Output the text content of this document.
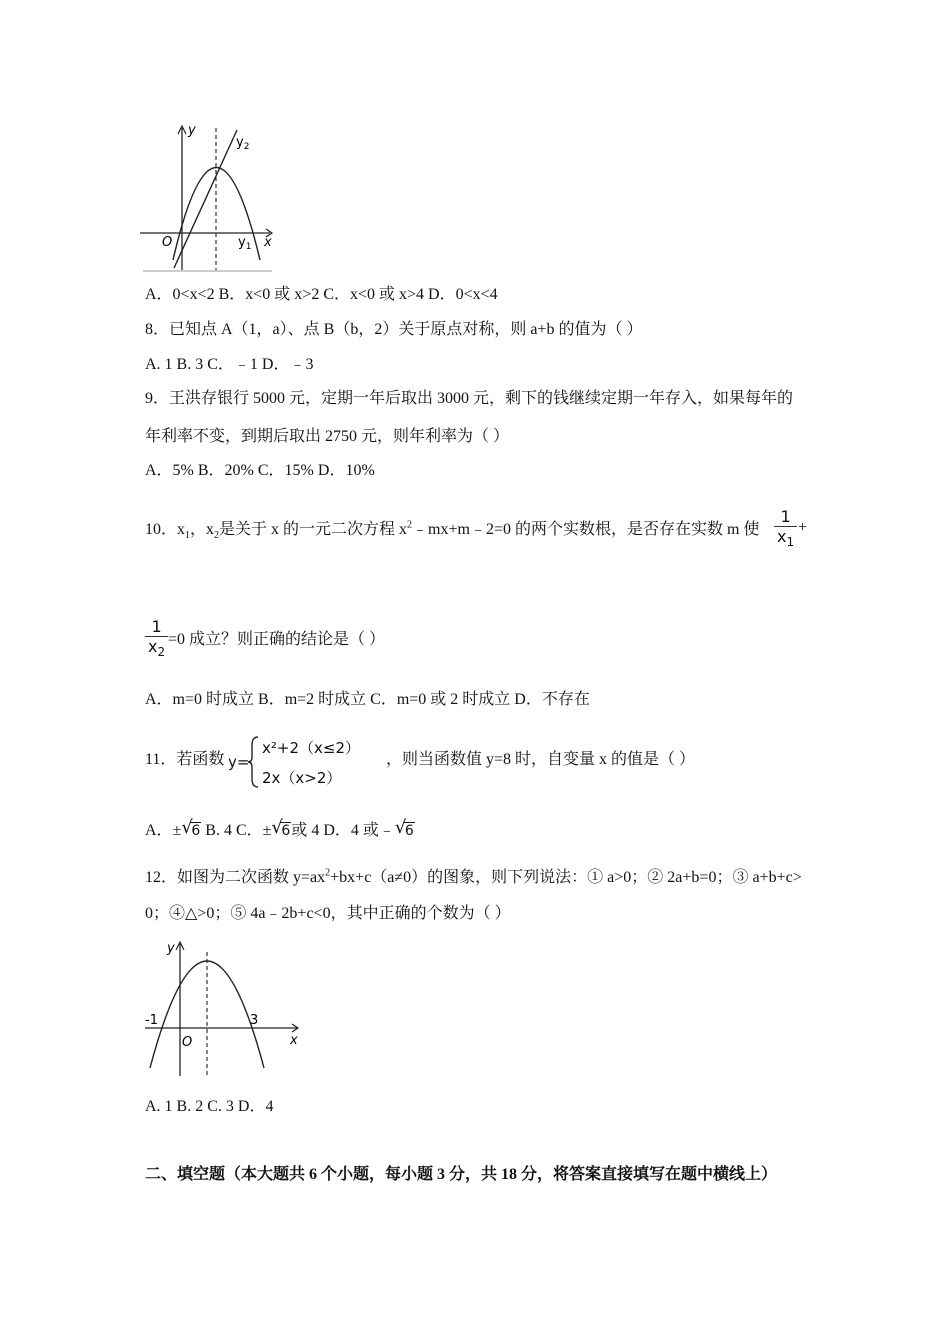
y
$y_2$
x
$y_1$
O
A．0<x<2 B．x<0 或 x>2 C．x<0 或 x>4 D．0<x<4
8．已知点 A（1，a）、点 B（b，2）关于原点对称，则 a+b 的值为（ ）
A. 1 B. 3 C．﹣1 D．﹣3
9．王洪存银行 5000 元，定期一年后取出 3000 元，剩下的钱继续定期一年存入，如果每年的
年利率不变，到期后取出 2750 元，则年利率为（ ）
A．5% B．20% C．15% D．10%
10．$x_1$，$x_2$是关于 x 的一元二次方程 $x^2﹣mx+m﹣2=0$ 的两个实数根，是否存在实数 m 使 $\frac{1}{x_1}$ +
$\frac{1}{x_2} =0$ 成立？则正确的结论是（ ）
A．m=0 时成立 B．m=2 时成立 C．m=0 或 2 时成立 D．不存在
11．若函数 y=
x²+2（x≤2）
2x（x>2）
，则当函数值 y=8 时，自变量 x 的值是（ ）
A．± √
6 B. 4 C．± √
6或 4 D．4 或﹣ √
6
12．如图为二次函数 $y=ax^2+bx+c(a\ne 0)$的图象，则下列说法：① a>0；② 2a+b=0；③ a+b+c>
0；④△>0；⑤ 4a﹣2b+c<0，其中正确的个数为（ ）
y
x
O
-1	3
A. 1 B. 2 C. 3 D．4
二、填空题（本大题共 6 个小题，每小题 3 分，共 18 分，将答案直接填写在题中横线上）
